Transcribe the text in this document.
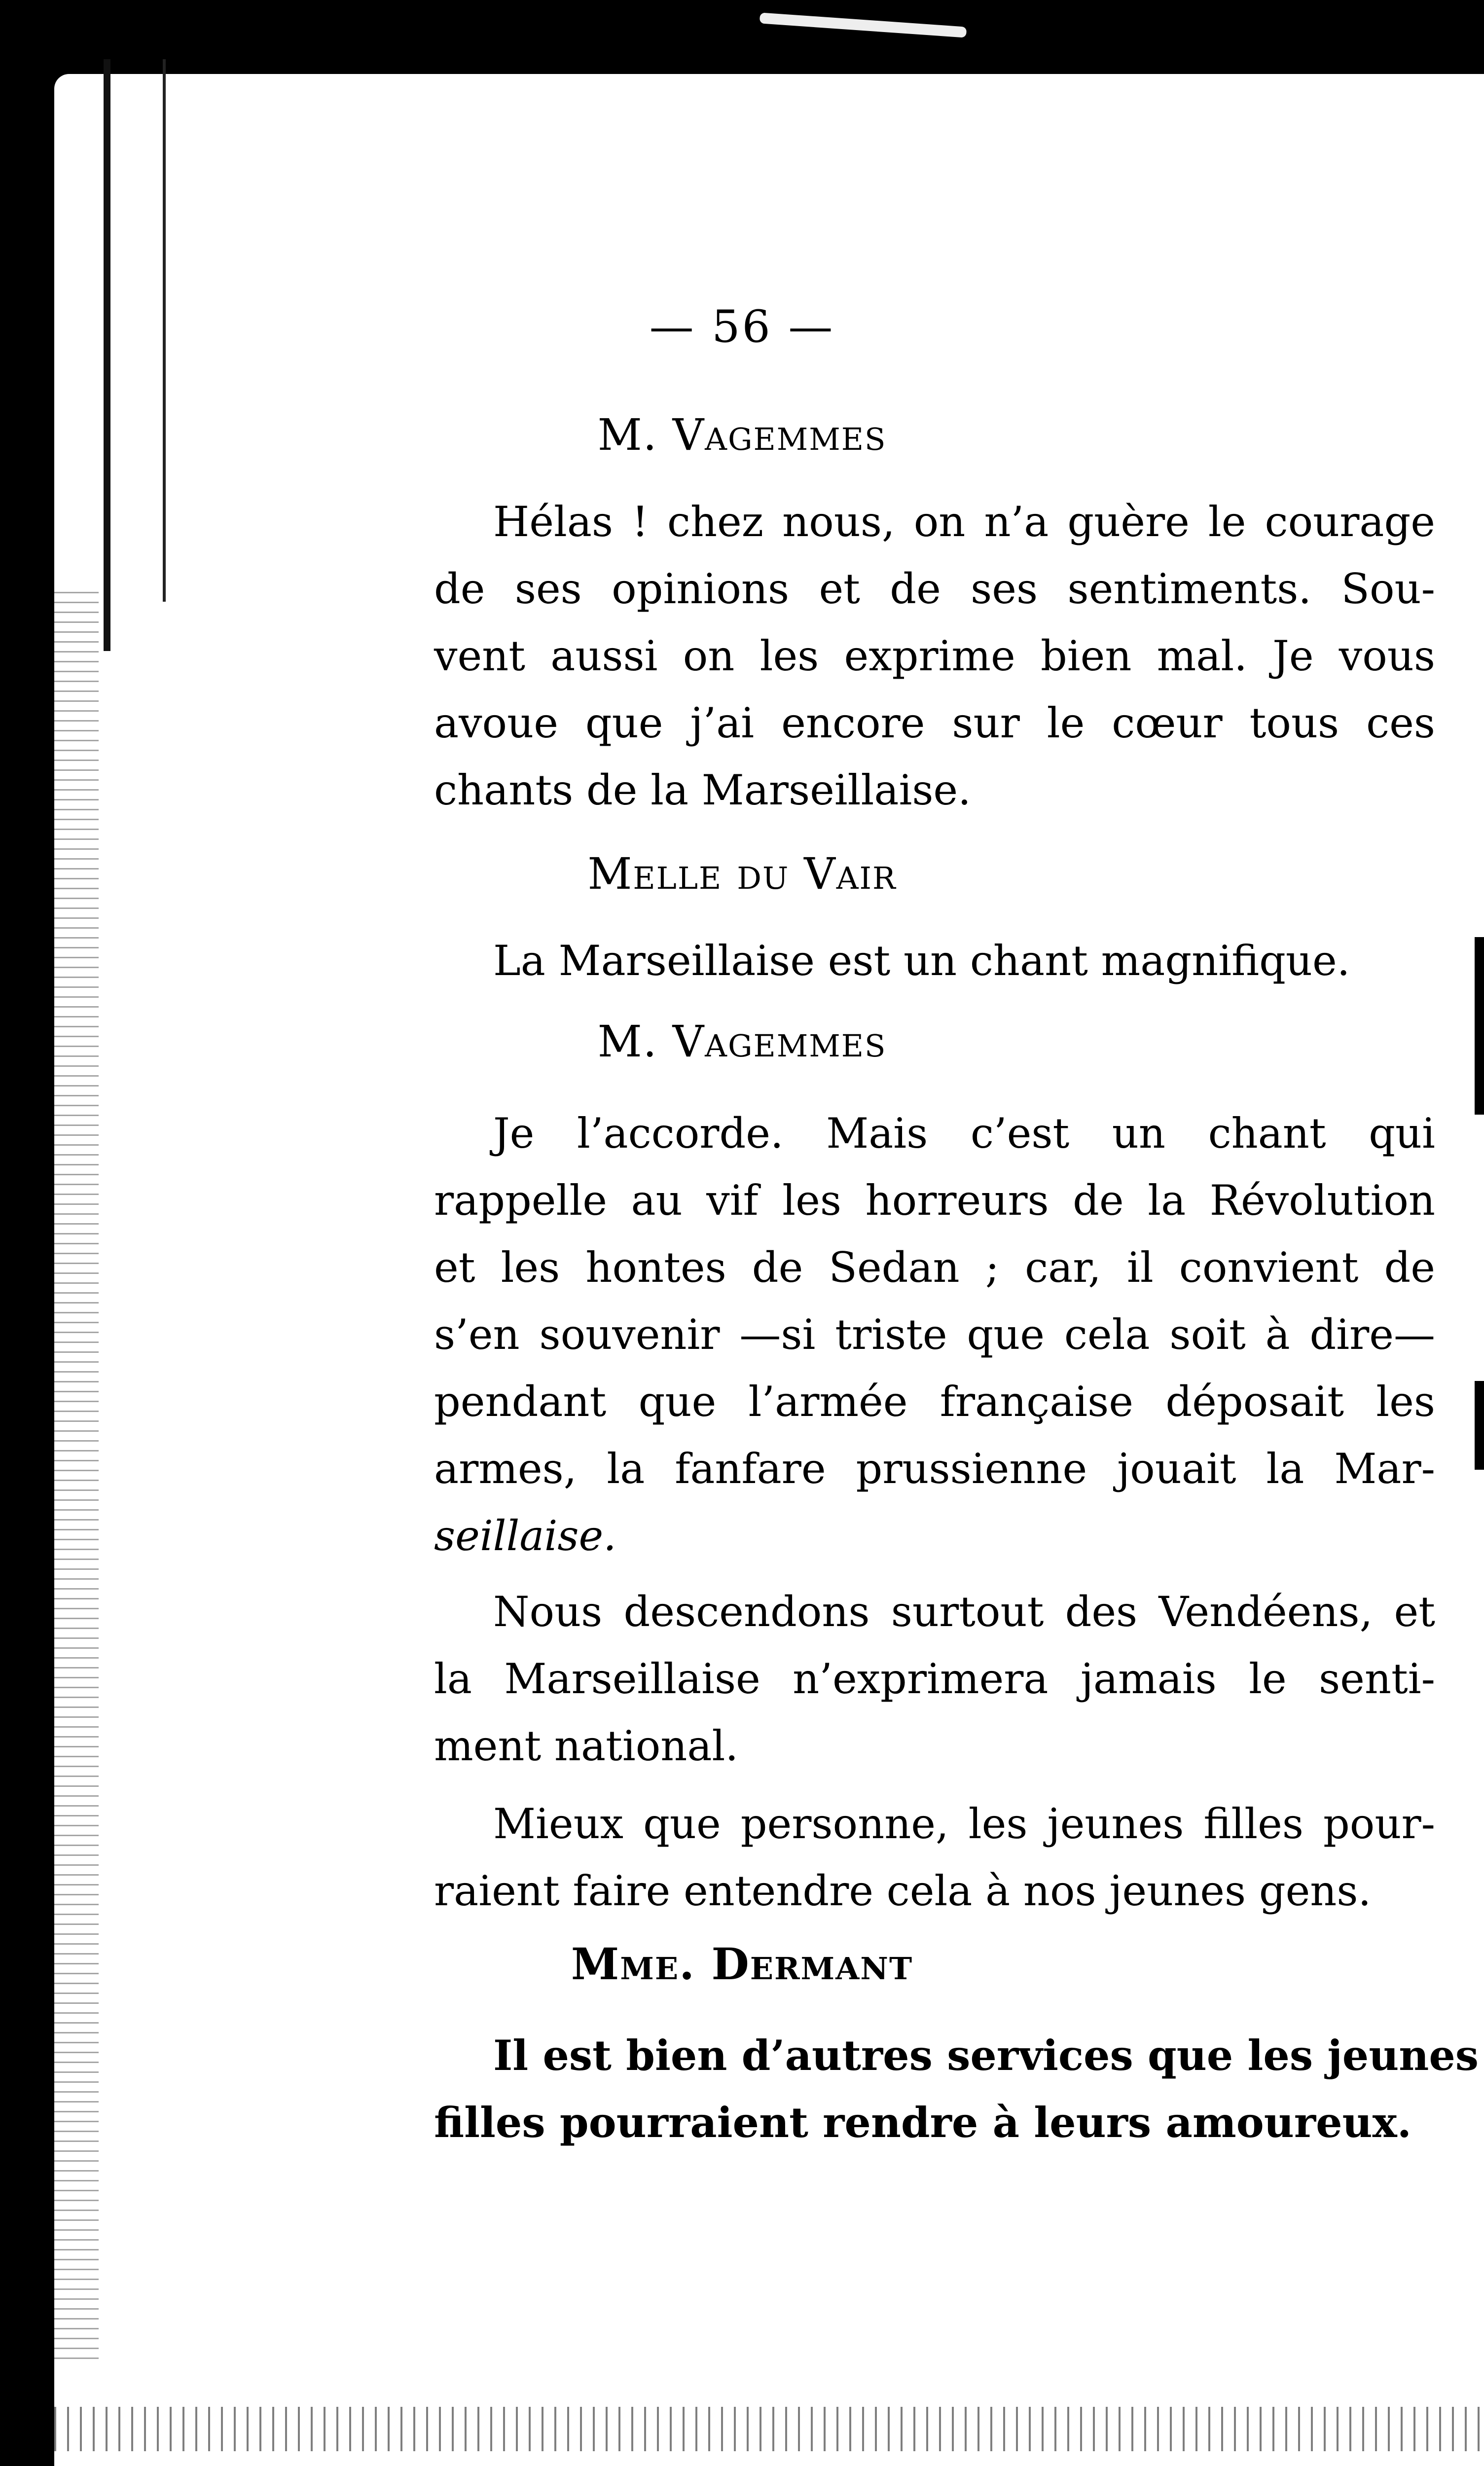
— 56 —

M. Vagemmes

Hélas ! chez nous, on n’a guère le courage
de ses opinions et de ses sentiments. Sou-
vent aussi on les exprime bien mal. Je vous
avoue que j’ai encore sur le cœur tous ces
chants de la Marseillaise.

Melle du Vair

La Marseillaise est un chant magnifique.

M. Vagemmes

Je l’accorde. Mais c’est un chant qui
rappelle au vif les horreurs de la Révolution
et les hontes de Sedan ; car, il convient de
s’en souvenir —si triste que cela soit à dire—
pendant que l’armée française déposait les
armes, la fanfare prussienne jouait la Mar-
seillaise.
Nous descendons surtout des Vendéens, et
la Marseillaise n’exprimera jamais le senti-
ment national.
Mieux que personne, les jeunes filles pour-
raient faire entendre cela à nos jeunes gens.

Mme. Dermant

Il est bien d’autres services que les jeunes
filles pourraient rendre à leurs amoureux.
